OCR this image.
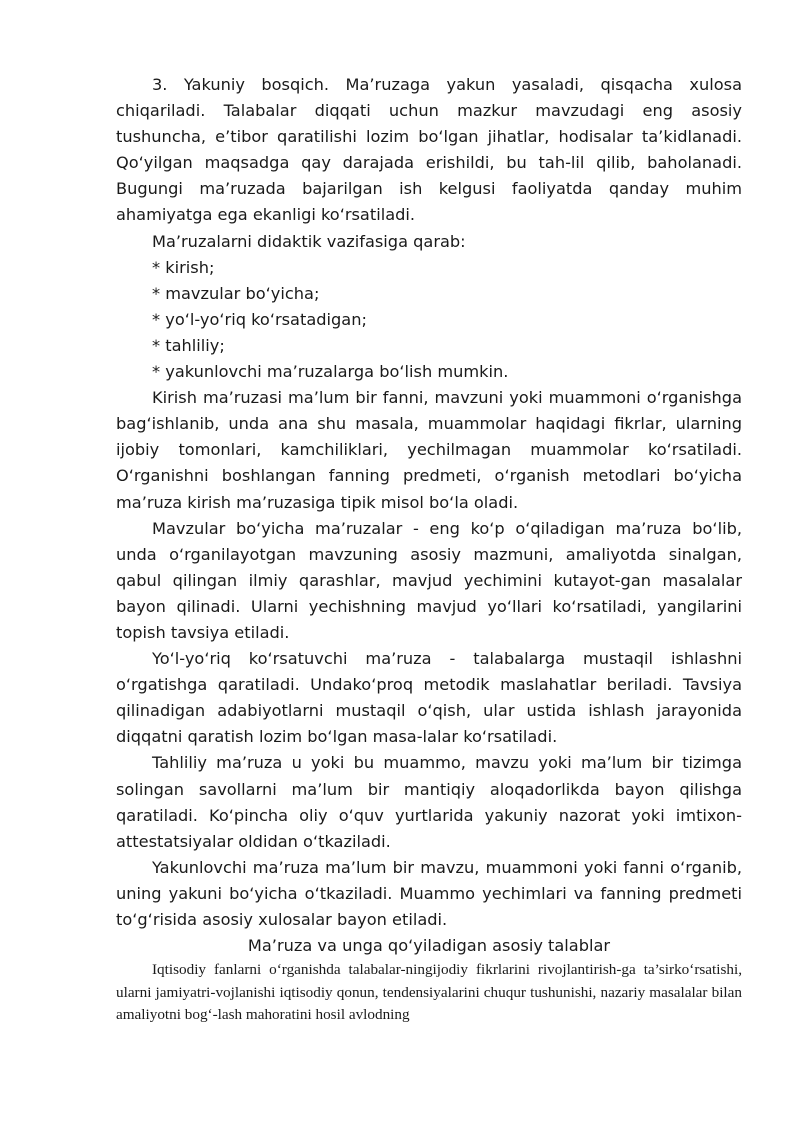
3. Yakuniy bosqich. Ma’ruzaga yakun yasaladi, qisqacha xulosa chiqariladi. Talabalar diqqati uchun mazkur mavzudagi eng asosiy tushuncha, e’tibor qaratilishi lozim bo‘lgan jihatlar, hodisalar ta’kidlanadi. Qo‘yilgan maqsadga qay darajada erishildi, bu tah-lil qilib, baholanadi. Bugungi ma’ruzada bajarilgan ish kelgusi faoliyatda qanday muhim ahamiyatga ega ekanligi ko‘rsatiladi.

Ma’ruzalarni didaktik vazifasiga qarab:

* kirish;

* mavzular bo‘yicha;

* yo‘l-yo‘riq ko‘rsatadigan;

* tahliliy;

* yakunlovchi ma’ruzalarga bo‘lish mumkin.

Kirish ma’ruzasi ma’lum bir fanni, mavzuni yoki muammoni o‘rganishga bag‘ishlanib, unda ana shu masala, muammolar haqidagi fikrlar, ularning ijobiy tomonlari, kamchiliklari, yechilmagan muammolar ko‘rsatiladi. O‘rganishni boshlangan fanning predmeti, o‘rganish metodlari bo‘yicha ma’ruza kirish ma’ruzasiga tipik misol bo‘la oladi.

Mavzular bo‘yicha ma’ruzalar - eng ko‘p o‘qiladigan ma’ruza bo‘lib, unda o‘rganilayotgan mavzuning asosiy mazmuni, amaliyotda sinalgan, qabul qilingan ilmiy qarashlar, mavjud yechimini kutayot-gan masalalar bayon qilinadi. Ularni yechishning mavjud yo‘llari ko‘rsatiladi, yangilarini topish tavsiya etiladi.

Yo‘l-yo‘riq ko‘rsatuvchi ma’ruza - talabalarga mustaqil ishlashni o‘rgatishga qaratiladi. Undako‘proq metodik maslahatlar beriladi. Tavsiya qilinadigan adabiyotlarni mustaqil o‘qish, ular ustida ishlash jarayonida diqqatni qaratish lozim bo‘lgan masa-lalar ko‘rsatiladi.

Tahliliy ma’ruza u yoki bu muammo, mavzu yoki ma’lum bir tizimga solingan savollarni ma’lum bir mantiqiy aloqadorlikda bayon qilishga qaratiladi. Ko‘pincha oliy o‘quv yurtlarida yakuniy nazorat yoki imtixon-attestatsiyalar oldidan o‘tkaziladi.

Yakunlovchi ma’ruza ma’lum bir mavzu, muammoni yoki fanni o‘rganib, uning yakuni bo‘yicha o‘tkaziladi. Muammo yechimlari va fanning predmeti to‘g‘risida asosiy xulosalar bayon etiladi.

Ma’ruza va unga qo‘yiladigan asosiy talablar

Iqtisodiy fanlarni o‘rganishda talabalar-ningijodiy fikrlarini rivojlantirish-ga ta’sirko‘rsatishi, ularni jamiyatri-vojlanishi iqtisodiy qonun, tendensiyalarini chuqur tushunishi, nazariy masalalar bilan amaliyotni bog‘-lash mahoratini hosil avlodning
